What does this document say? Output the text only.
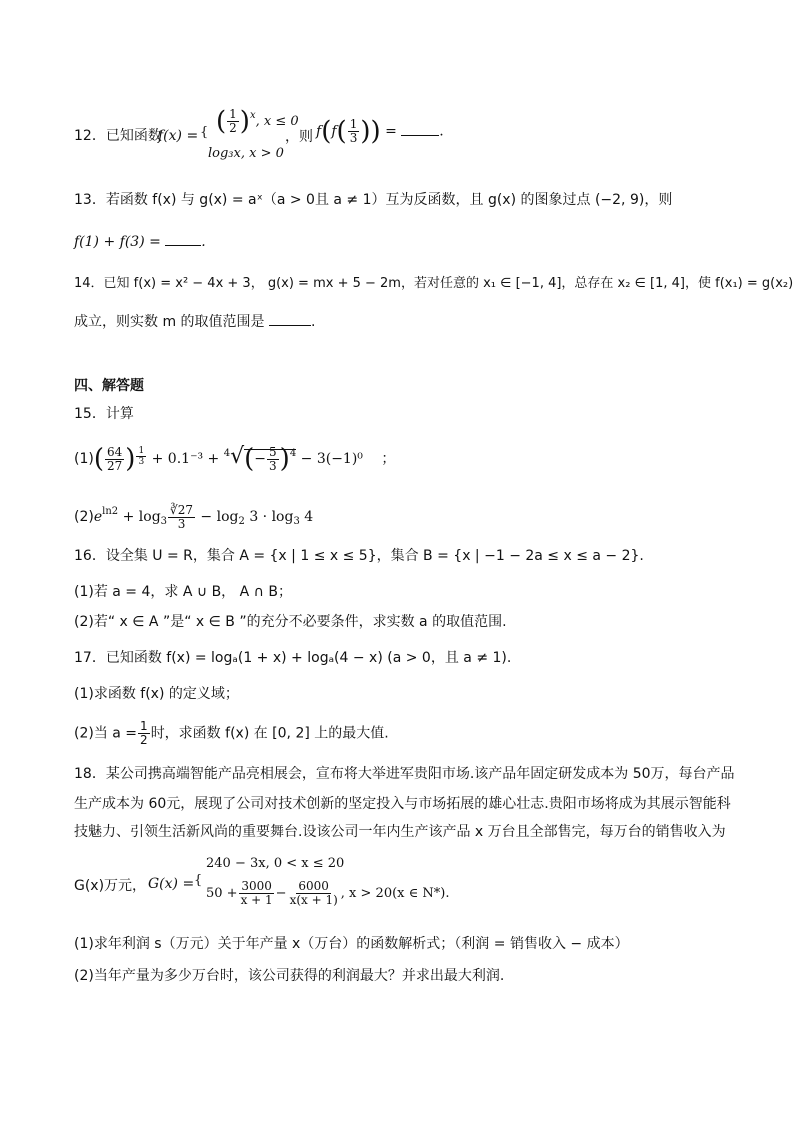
12．已知函数
f(x) = { ( $\frac{1}{2} )^x$, x ≤ 0
log₃x, x > 0
，则 $f(f( \frac{1}{3}$ )) =	.
13．若函数 f(x) 与 g(x) = aˣ（a > 0且 a ≠ 1）互为反函数，且 g(x) 的图象过点 (−2, 9)，则
f(1) + f(3) =	.
14．已知 f(x) = x² − 4x + 3， g(x) = mx + 5 − 2m，若对任意的 x₁ ∈ [−1, 4]，总存在 x₂ ∈ [1, 4]，使 f(x₁) = g(x₂)
成立，则实数 m 的取值范围是	.
四、解答题
15．计算
$(1)( \frac{64}{27}$ ) $\frac{1}{3} + 0.1^{-3} + ^4√(- \frac{5}{3} )^4 - 3(-1)^0$ ；
$(2)e^{ln2} + \log_3 \frac{∛27}{3} - \log_2 3 \cdot \log_3 4$
16．设全集 U = R，集合 A = {x | 1 ≤ x ≤ 5}，集合 B = {x | −1 − 2a ≤ x ≤ a − 2}.
(1)若 a = 4，求 A ∪ B， A ∩ B；
(2)若“ x ∈ A ”是“ x ∈ B ”的充分不必要条件，求实数 a 的取值范围.
17．已知函数 f(x) = logₐ(1 + x) + logₐ(4 − x) (a > 0，且 a ≠ 1).
(1)求函数 f(x) 的定义域；
(2)当 $a = \frac{1}{2}$ 时，求函数 f(x) 在 [0, 2] 上的最大值.
18．某公司携高端智能产品亮相展会，宣布将大举进军贵阳市场.该产品年固定研发成本为 50万，每台产品
生产成本为 60元，展现了公司对技术创新的坚定投入与市场拓展的雄心壮志.贵阳市场将成为其展示智能科
技魅力、引领生活新风尚的重要舞台.设该公司一年内生产该产品 x 万台且全部售完，每万台的销售收入为
G(x)万元， G(x) = {
240 − 3x, 0 < x ≤ 20
$50 + \frac{3000}{x + 1} - \frac{6000}{x(x + 1)}$ , x > 20(x ∈ N*).
(1)求年利润 s（万元）关于年产量 x（万台）的函数解析式；（利润 = 销售收入 − 成本）
(2)当年产量为多少万台时，该公司获得的利润最大？并求出最大利润.
